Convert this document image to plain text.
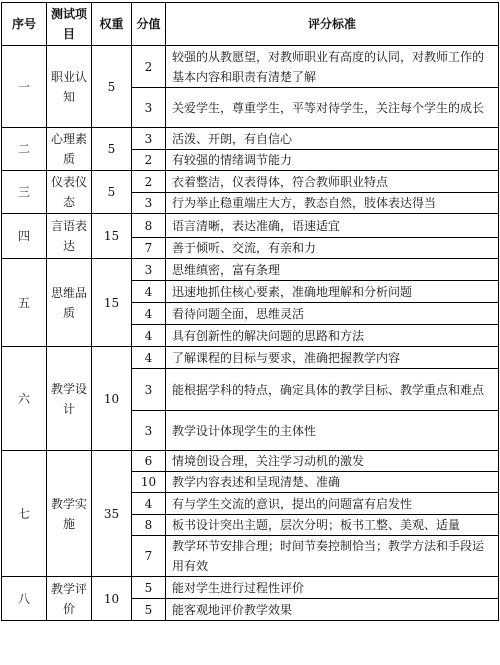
序号	测试项目	权重	分值	评分标准
一	职业认知	5	2	较强的从教愿望，对教师职业有高度的认同，对教师工作的基本内容和职责有清楚了解
			3	关爱学生，尊重学生，平等对待学生，关注每个学生的成长
二	心理素质	5	3	活泼、开朗，有自信心
			2	有较强的情绪调节能力
三	仪表仪态	5	2	衣着整洁，仪表得体，符合教师职业特点
			3	行为举止稳重端庄大方，教态自然，肢体表达得当
四	言语表达	15	8	语言清晰，表达准确，语速适宜
			7	善于倾听、交流，有亲和力
五	思维品质	15	3	思维缜密，富有条理
			4	迅速地抓住核心要素，准确地理解和分析问题
			4	看待问题全面，思维灵活
			4	具有创新性的解决问题的思路和方法
六	教学设计	10	4	了解课程的目标与要求，准确把握教学内容
			3	能根据学科的特点，确定具体的教学目标、教学重点和难点
			3	教学设计体现学生的主体性
七	教学实施	35	6	情境创设合理，关注学习动机的激发
			10	教学内容表述和呈现清楚、准确
			4	有与学生交流的意识，提出的问题富有启发性
			8	板书设计突出主题，层次分明；板书工整、美观、适量
			7	教学环节安排合理；时间节奏控制恰当；教学方法和手段运用有效
八	教学评价	10	5	能对学生进行过程性评价
			5	能客观地评价教学效果
